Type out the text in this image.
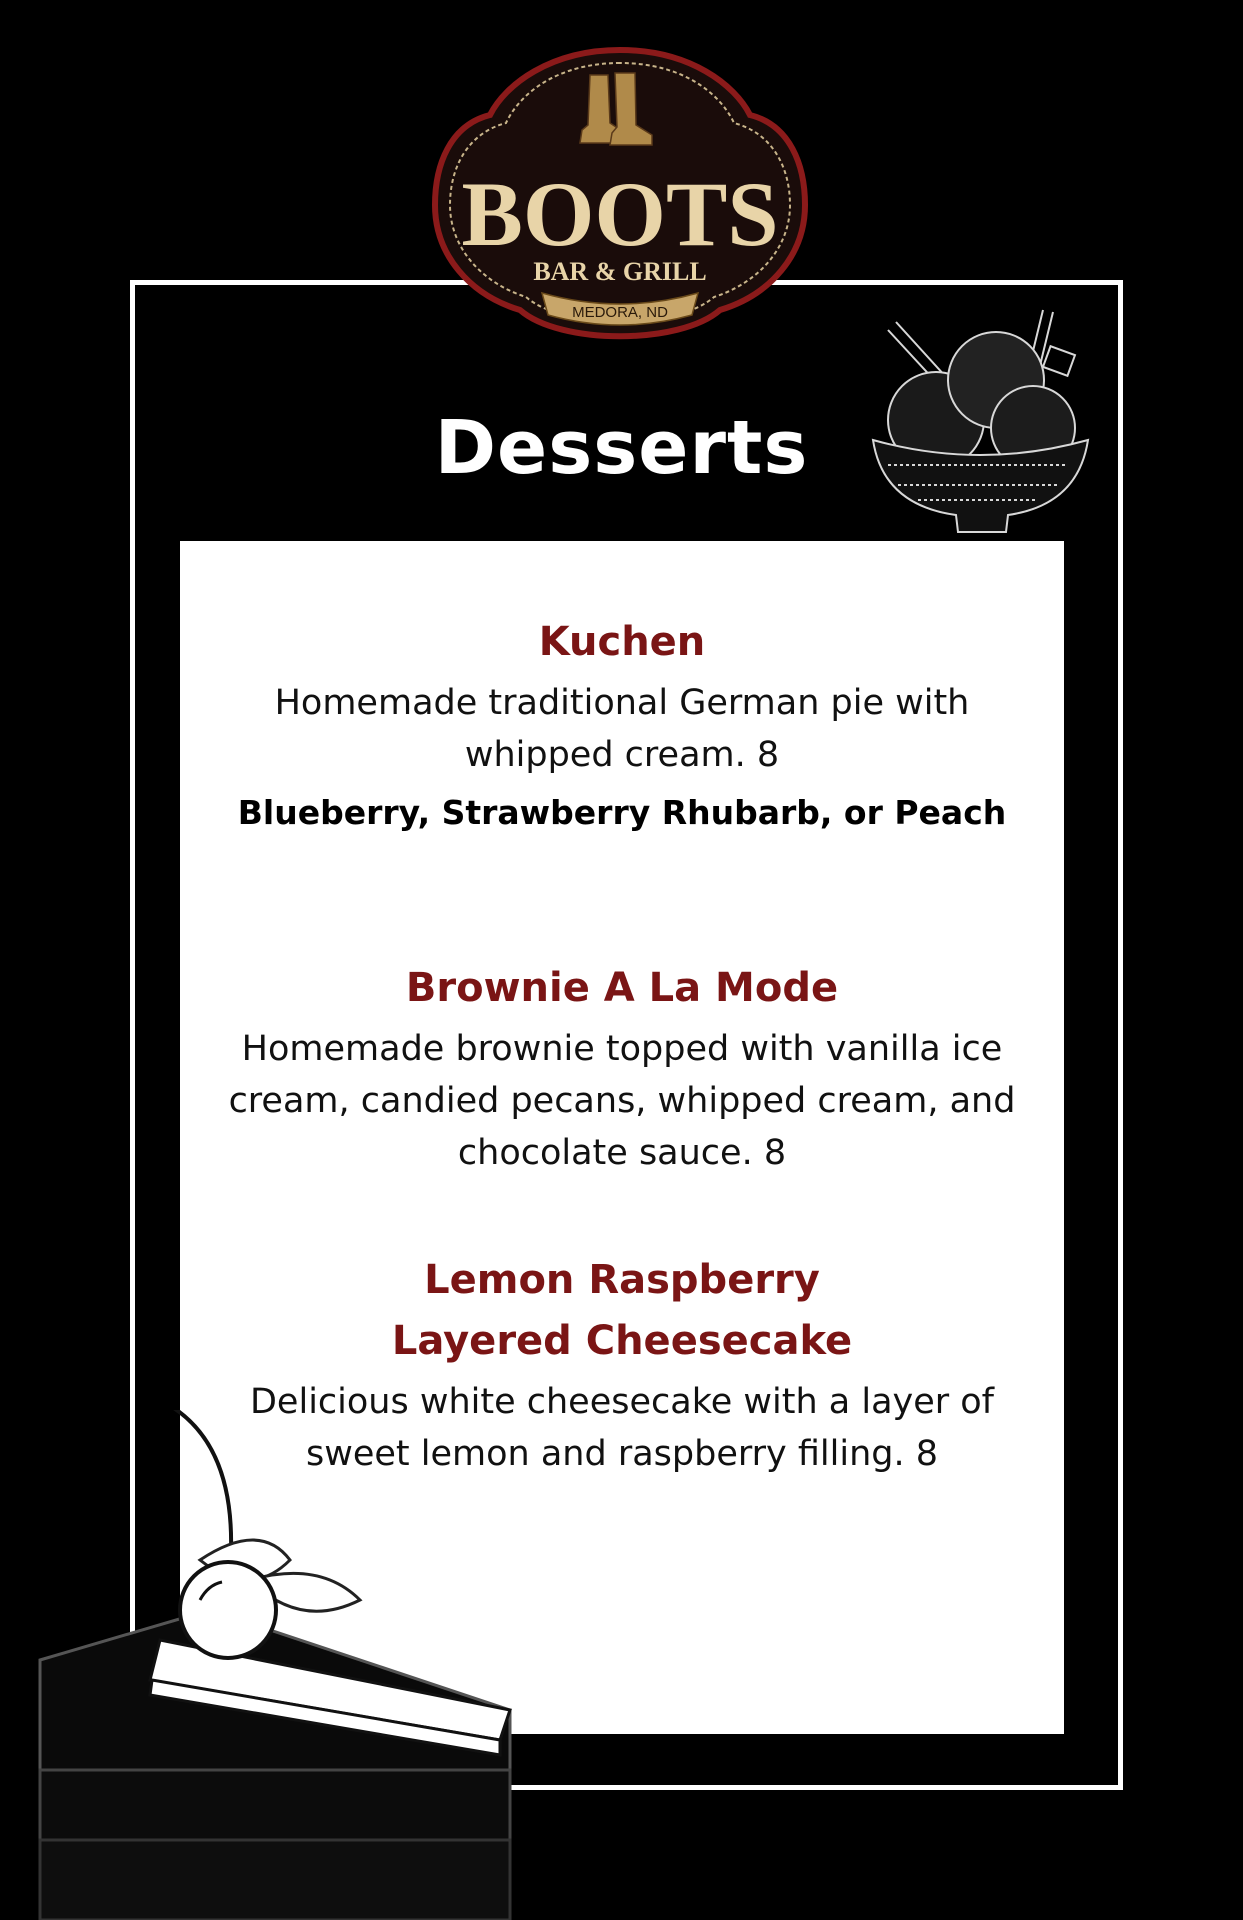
BOOTS
BAR & GRILL
MEDORA, ND
Desserts
Kuchen
Homemade traditional German pie with whipped cream. 8
Blueberry, Strawberry Rhubarb, or Peach
Brownie A La Mode
Homemade brownie topped with vanilla ice cream, candied pecans, whipped cream, and chocolate sauce. 8
Lemon Raspberry
Layered Cheesecake
Delicious white cheesecake with a layer of sweet lemon and raspberry filling. 8
